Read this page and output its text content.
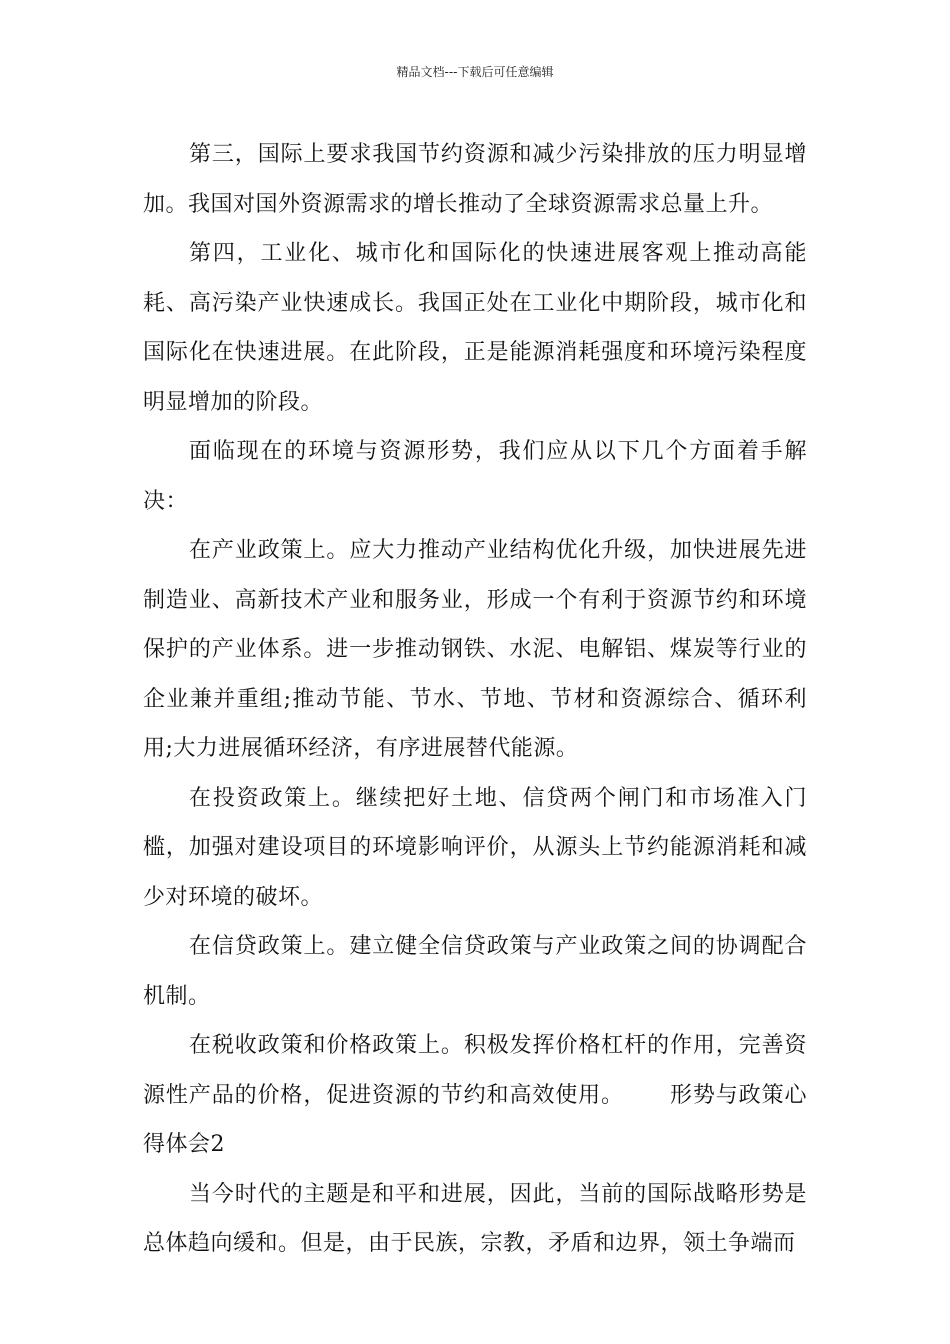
精品文档---下载后可任意编辑

第三，国际上要求我国节约资源和减少污染排放的压力明显增加。我国对国外资源需求的增长推动了全球资源需求总量上升。

第四，工业化、城市化和国际化的快速进展客观上推动高能耗、高污染产业快速成长。我国正处在工业化中期阶段，城市化和国际化在快速进展。在此阶段，正是能源消耗强度和环境污染程度明显增加的阶段。

面临现在的环境与资源形势，我们应从以下几个方面着手解决：

在产业政策上。应大力推动产业结构优化升级，加快进展先进制造业、高新技术产业和服务业，形成一个有利于资源节约和环境保护的产业体系。进一步推动钢铁、水泥、电解铝、煤炭等行业的企业兼并重组;推动节能、节水、节地、节材和资源综合、循环利用;大力进展循环经济，有序进展替代能源。

在投资政策上。继续把好土地、信贷两个闸门和市场准入门槛，加强对建设项目的环境影响评价，从源头上节约能源消耗和减少对环境的破坏。

在信贷政策上。建立健全信贷政策与产业政策之间的协调配合机制。

在税收政策和价格政策上。积极发挥价格杠杆的作用，完善资源性产品的价格，促进资源的节约和高效使用。 形势与政策心得体会2

当今时代的主题是和平和进展，因此，当前的国际战略形势是总体趋向缓和。但是，由于民族，宗教，矛盾和边界，领土争端而
